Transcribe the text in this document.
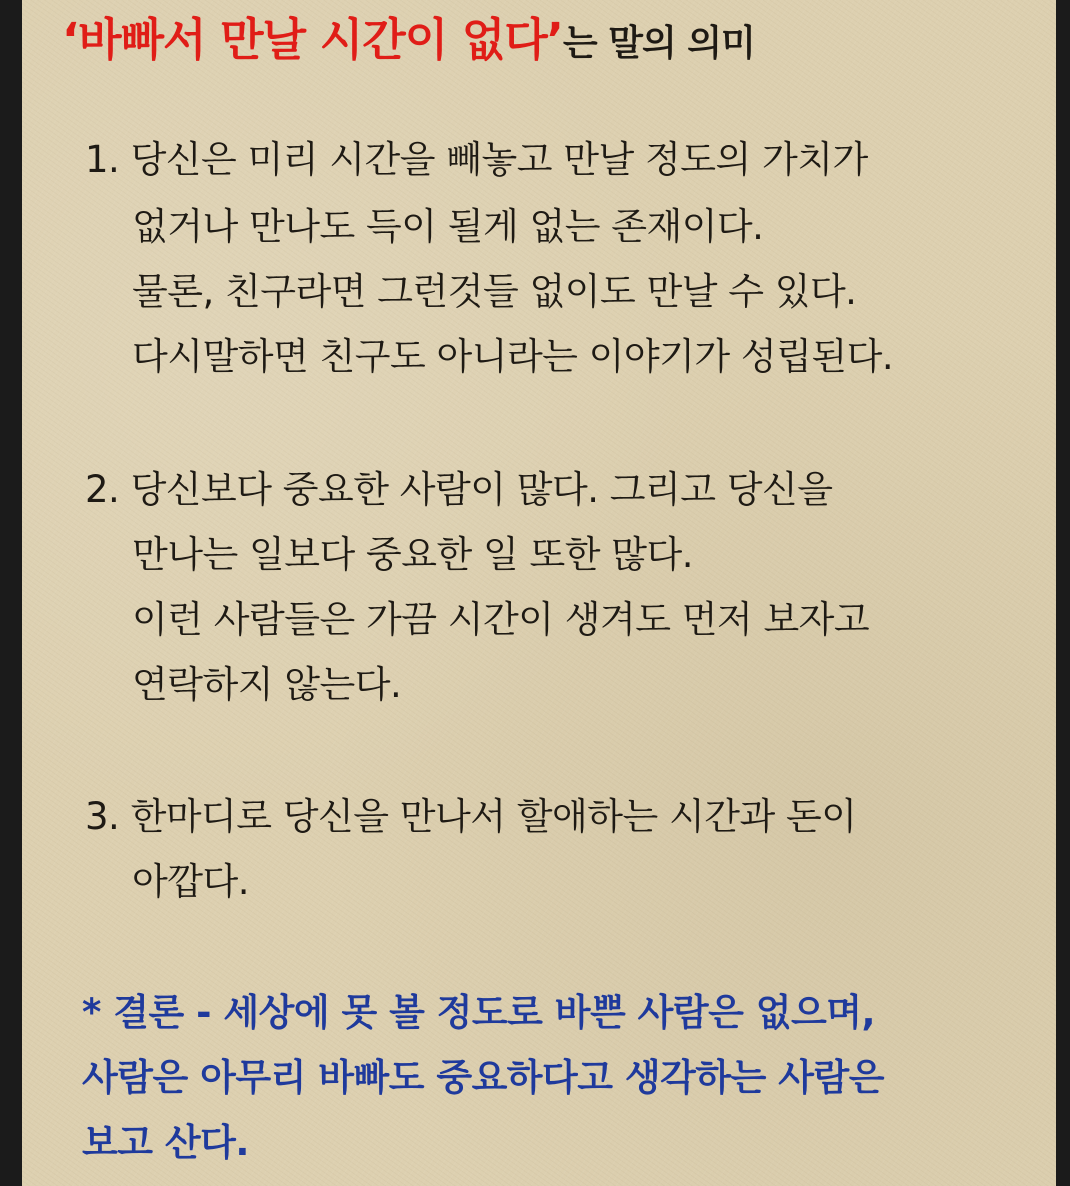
‘바빠서 만날 시간이 없다’는 말의 의미

1. 당신은 미리 시간을 빼놓고 만날 정도의 가치가

없거나 만나도 득이 될게 없는 존재이다.

물론, 친구라면 그런것들 없이도 만날 수 있다.

다시말하면 친구도 아니라는 이야기가 성립된다.

2. 당신보다 중요한 사람이 많다. 그리고 당신을

만나는 일보다 중요한 일 또한 많다.

이런 사람들은 가끔 시간이 생겨도 먼저 보자고

연락하지 않는다.

3. 한마디로 당신을 만나서 할애하는 시간과 돈이

아깝다.

* 결론 - 세상에 못 볼 정도로 바쁜 사람은 없으며,

사람은 아무리 바빠도 중요하다고 생각하는 사람은

보고 산다.
